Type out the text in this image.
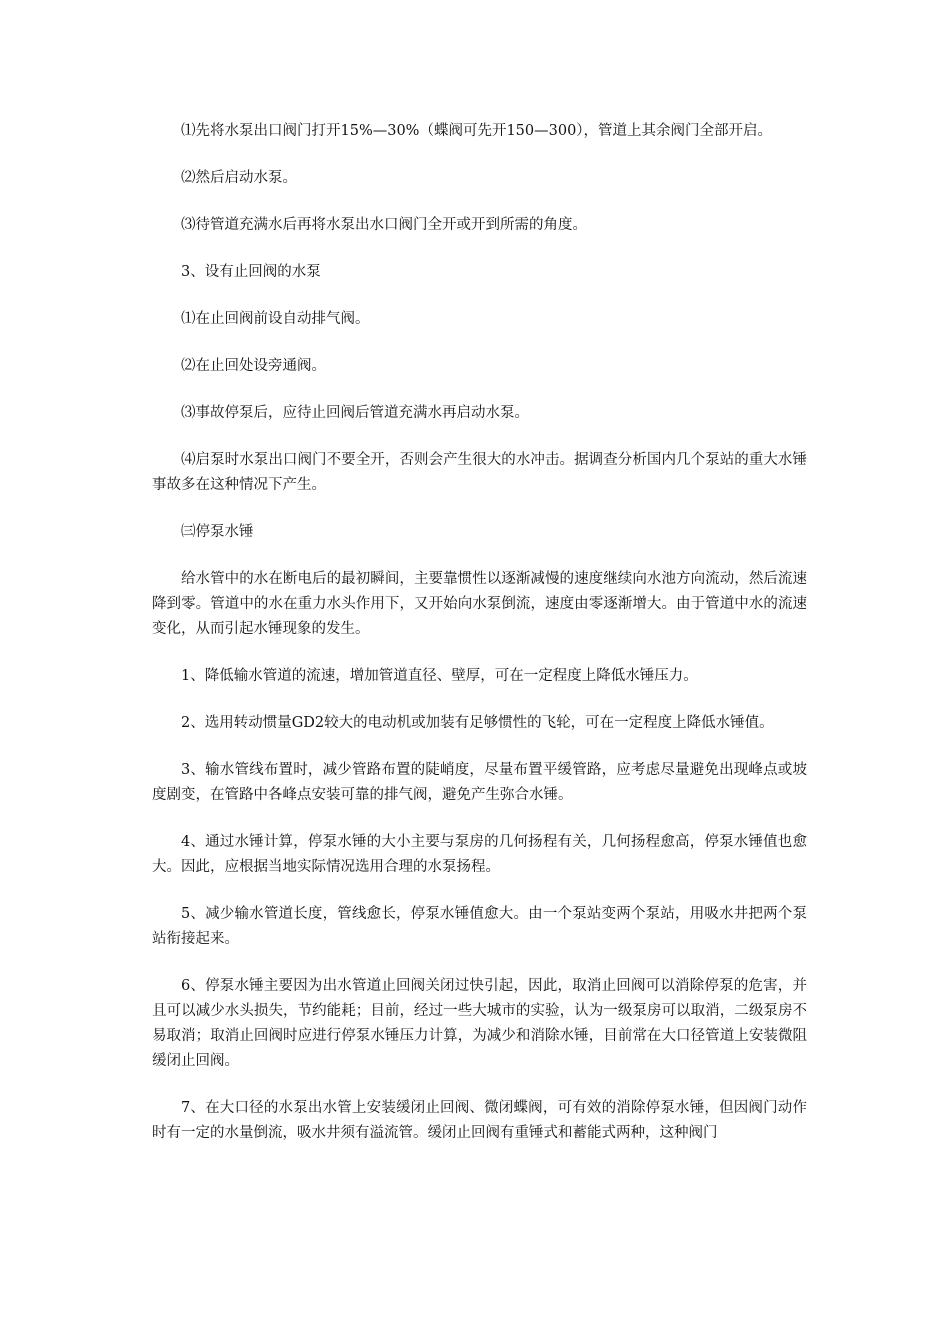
⑴先将水泵出口阀门打开15%—30%（蝶阀可先开150—300），管道上其余阀门全部开启。

⑵然后启动水泵。

⑶待管道充满水后再将水泵出水口阀门全开或开到所需的角度。

3、设有止回阀的水泵

⑴在止回阀前设自动排气阀。

⑵在止回处设旁通阀。

⑶事故停泵后，应待止回阀后管道充满水再启动水泵。

⑷启泵时水泵出口阀门不要全开，否则会产生很大的水冲击。据调查分析国内几个泵站的重大水锤事故多在这种情况下产生。

㈢停泵水锤

给水管中的水在断电后的最初瞬间，主要靠惯性以逐渐减慢的速度继续向水池方向流动，然后流速降到零。管道中的水在重力水头作用下，又开始向水泵倒流，速度由零逐渐增大。由于管道中水的流速变化，从而引起水锤现象的发生。

1、降低输水管道的流速，增加管道直径、壁厚，可在一定程度上降低水锤压力。

2、选用转动惯量GD2较大的电动机或加装有足够惯性的飞轮，可在一定程度上降低水锤值。

3、输水管线布置时，减少管路布置的陡峭度，尽量布置平缓管路，应考虑尽量避免出现峰点或坡度剧变，在管路中各峰点安装可靠的排气阀，避免产生弥合水锤。

4、通过水锤计算，停泵水锤的大小主要与泵房的几何扬程有关，几何扬程愈高，停泵水锤值也愈大。因此，应根据当地实际情况选用合理的水泵扬程。

5、减少输水管道长度，管线愈长，停泵水锤值愈大。由一个泵站变两个泵站，用吸水井把两个泵站衔接起来。

6、停泵水锤主要因为出水管道止回阀关闭过快引起，因此，取消止回阀可以消除停泵的危害，并且可以减少水头损失，节约能耗；目前，经过一些大城市的实验，认为一级泵房可以取消，二级泵房不易取消；取消止回阀时应进行停泵水锤压力计算，为减少和消除水锤，目前常在大口径管道上安装微阻缓闭止回阀。

7、在大口径的水泵出水管上安装缓闭止回阀、微闭蝶阀，可有效的消除停泵水锤，但因阀门动作时有一定的水量倒流，吸水井须有溢流管。缓闭止回阀有重锤式和蓄能式两种，这种阀门
